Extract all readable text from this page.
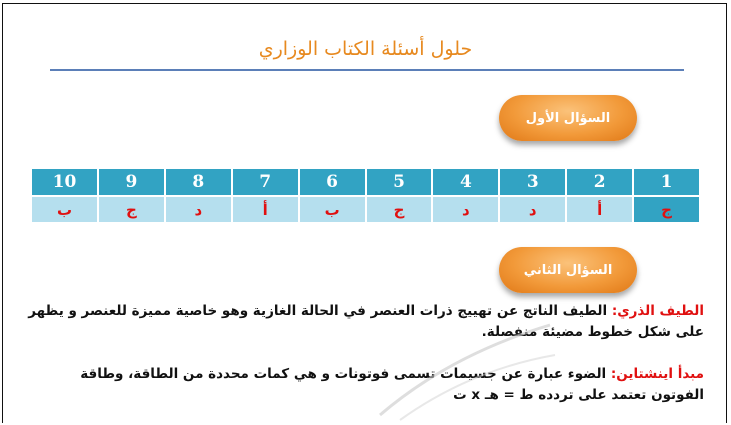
حلول أسئلة الكتاب الوزاري
السؤال الأول
1	2	3	4	5	6	7	8	9	10
ج	أ	د	د	ج	ب	أ	د	ج	ب
السؤال الثاني
الطيف الذري: الطيف الناتج عن تهييج ذرات العنصر في الحالة الغازية وهو خاصية مميزة للعنصر و يظهر على شكل خطوط مضيئة منفصلة.
مبدأ اينشتاين: الضوء عبارة عن جسيمات تسمى فوتونات و هي كمات محددة من الطاقة، وطاقة الفوتون تعتمد على تردده ط = هـ x ت
